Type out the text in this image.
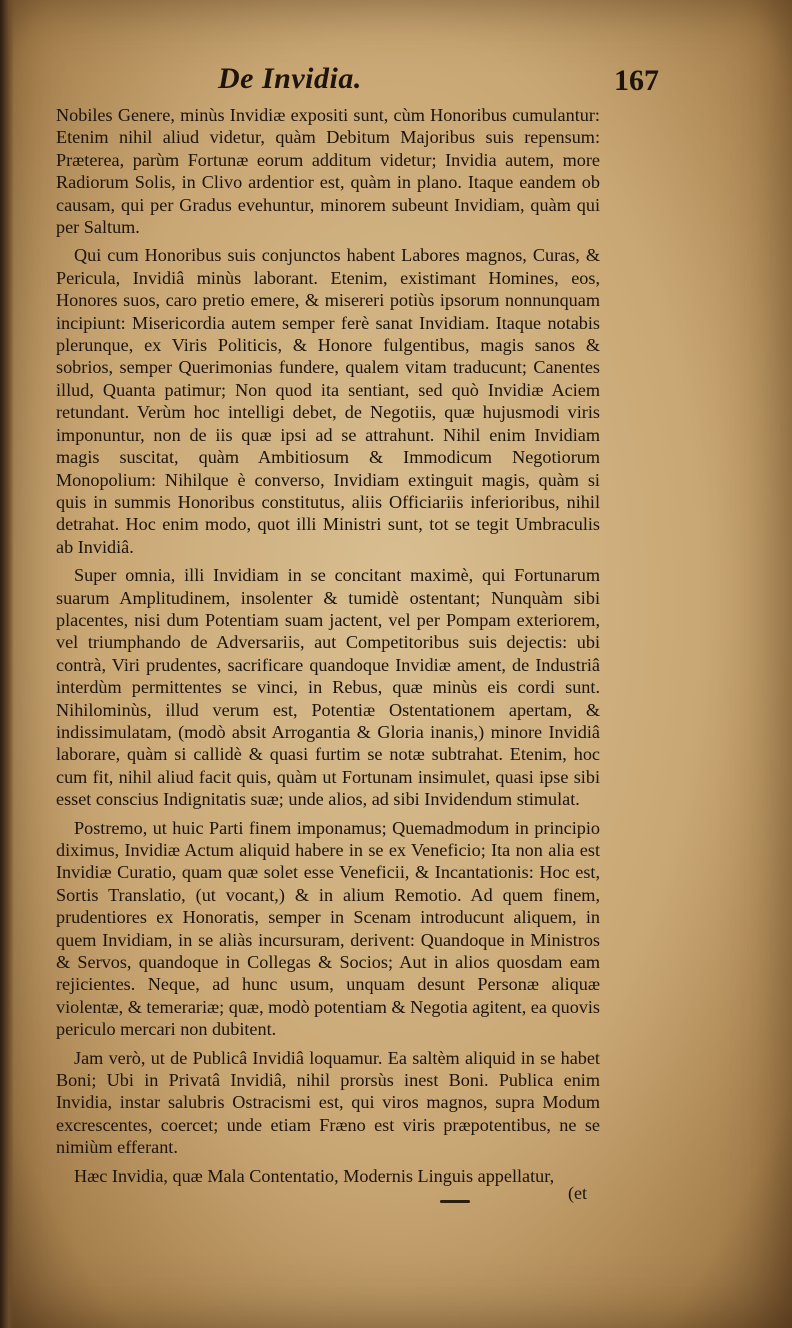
De Invidia.	167

Nobiles Genere, minùs Invidiæ expositi sunt, cùm Honoribus cumulantur: Etenim nihil aliud videtur, quàm Debitum Majoribus suis repensum: Præterea, parùm Fortunæ eorum additum videtur; Invidia autem, more Radiorum Solis, in Clivo ardentior est, quàm in plano. Itaque eandem ob causam, qui per Gradus evehuntur, minorem subeunt Invidiam, quàm qui per Saltum.

Qui cum Honoribus suis conjunctos habent Labores magnos, Curas, & Pericula, Invidiâ minùs laborant. Etenim, existimant Homines, eos, Honores suos, caro pretio emere, & misereri potiùs ipsorum nonnunquam incipiunt: Misericordia autem semper ferè sanat Invidiam. Itaque notabis plerunque, ex Viris Politicis, & Honore fulgentibus, magis sanos & sobrios, semper Querimonias fundere, qualem vitam traducunt; Canentes illud, Quanta patimur; Non quod ita sentiant, sed quò Invidiæ Aciem retundant. Verùm hoc intelligi debet, de Negotiis, quæ hujusmodi viris imponuntur, non de iis quæ ipsi ad se attrahunt. Nihil enim Invidiam magis suscitat, quàm Ambitiosum & Immodicum Negotiorum Monopolium: Nihilque è converso, Invidiam extinguit magis, quàm si quis in summis Honoribus constitutus, aliis Officiariis inferioribus, nihil detrahat. Hoc enim modo, quot illi Ministri sunt, tot se tegit Umbraculis ab Invidiâ.

Super omnia, illi Invidiam in se concitant maximè, qui Fortunarum suarum Amplitudinem, insolenter & tumidè ostentant; Nunquàm sibi placentes, nisi dum Potentiam suam jactent, vel per Pompam exteriorem, vel triumphando de Adversariis, aut Competitoribus suis dejectis: ubi contrà, Viri prudentes, sacrificare quandoque Invidiæ ament, de Industriâ interdùm permittentes se vinci, in Rebus, quæ minùs eis cordi sunt. Nihilominùs, illud verum est, Potentiæ Ostentationem apertam, & indissimulatam, (modò absit Arrogantia & Gloria inanis,) minore Invidiâ laborare, quàm si callidè & quasi furtim se notæ subtrahat. Etenim, hoc cum fit, nihil aliud facit quis, quàm ut Fortunam insimulet, quasi ipse sibi esset conscius Indignitatis suæ; unde alios, ad sibi Invidendum stimulat.

Postremo, ut huic Parti finem imponamus; Quemadmodum in principio diximus, Invidiæ Actum aliquid habere in se ex Veneficio; Ita non alia est Invidiæ Curatio, quam quæ solet esse Veneficii, & Incantationis: Hoc est, Sortis Translatio, (ut vocant,) & in alium Remotio. Ad quem finem, prudentiores ex Honoratis, semper in Scenam introducunt aliquem, in quem Invidiam, in se aliàs incursuram, derivent: Quandoque in Ministros & Servos, quandoque in Collegas & Socios; Aut in alios quosdam eam rejicientes. Neque, ad hunc usum, unquam desunt Personæ aliquæ violentæ, & temerariæ; quæ, modò potentiam & Negotia agitent, ea quovis periculo mercari non dubitent.

Jam verò, ut de Publicâ Invidiâ loquamur. Ea saltèm aliquid in se habet Boni; Ubi in Privatâ Invidiâ, nihil prorsùs inest Boni. Publica enim Invidia, instar salubris Ostracismi est, qui viros magnos, supra Modum excrescentes, coercet; unde etiam Fræno est viris præpotentibus, ne se nimiùm efferant.

Hæc Invidia, quæ Mala Contentatio, Modernis Linguis appellatur,

(et
